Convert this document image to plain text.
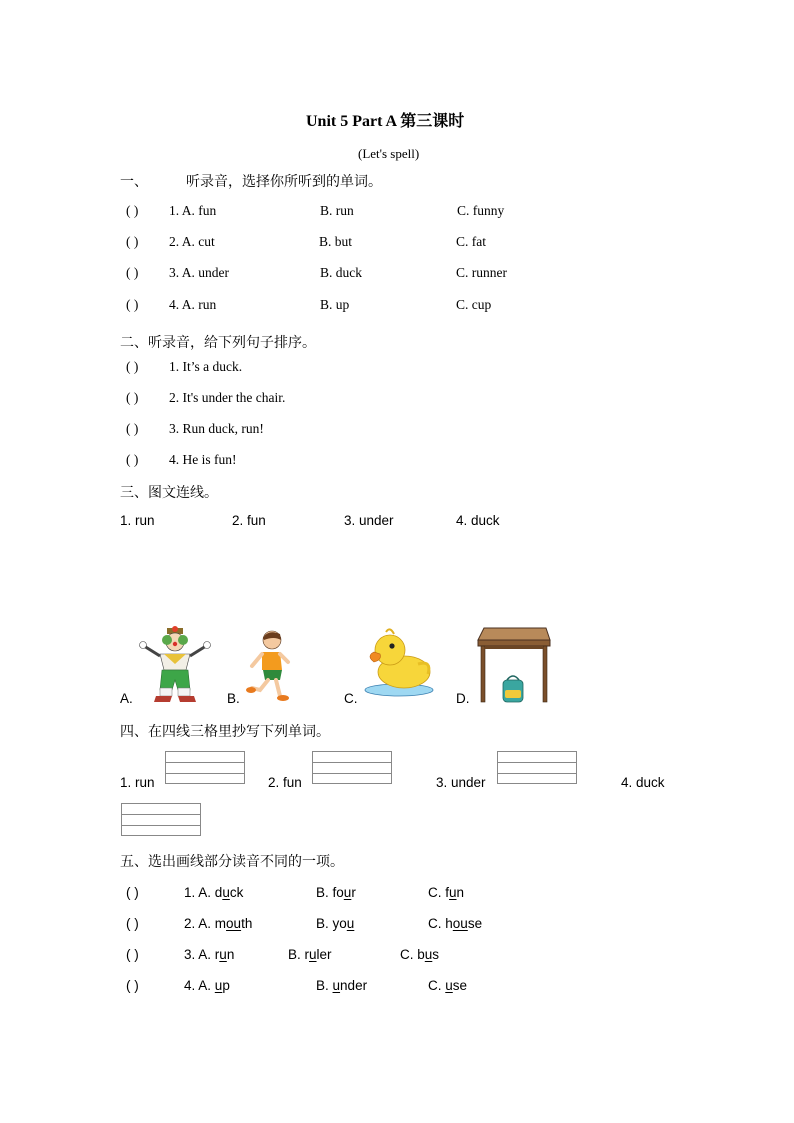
Unit 5 Part A 第三课时
(Let's spell)
一、	听录音，选择你所听到的单词。
( ) 1. A. fun	B. run	C. funny
( ) 2. A. cut	B. but	C. fat
( ) 3. A. under	B. duck	C. runner
( ) 4. A. run	B. up	C. cup
二、听录音，给下列句子排序。
( ) 1. It’s a duck.
( ) 2. It's under the chair.
( ) 3. Run duck, run!
( ) 4. He is fun!
三、图文连线。
1. run	2. fun	3. under	4. duck
A.	B.	C.	D.
四、在四线三格里抄写下列单词。
1. run	2. fun	3. under	4. duck
五、选出画线部分读音不同的一项。
( )	1. A. duck	B. four	C. fun
( )	2. A. mouth	B. you	C. house
( )	3. A. run	B. ruler	C. bus
( )	4. A. up	B. under	C. use
